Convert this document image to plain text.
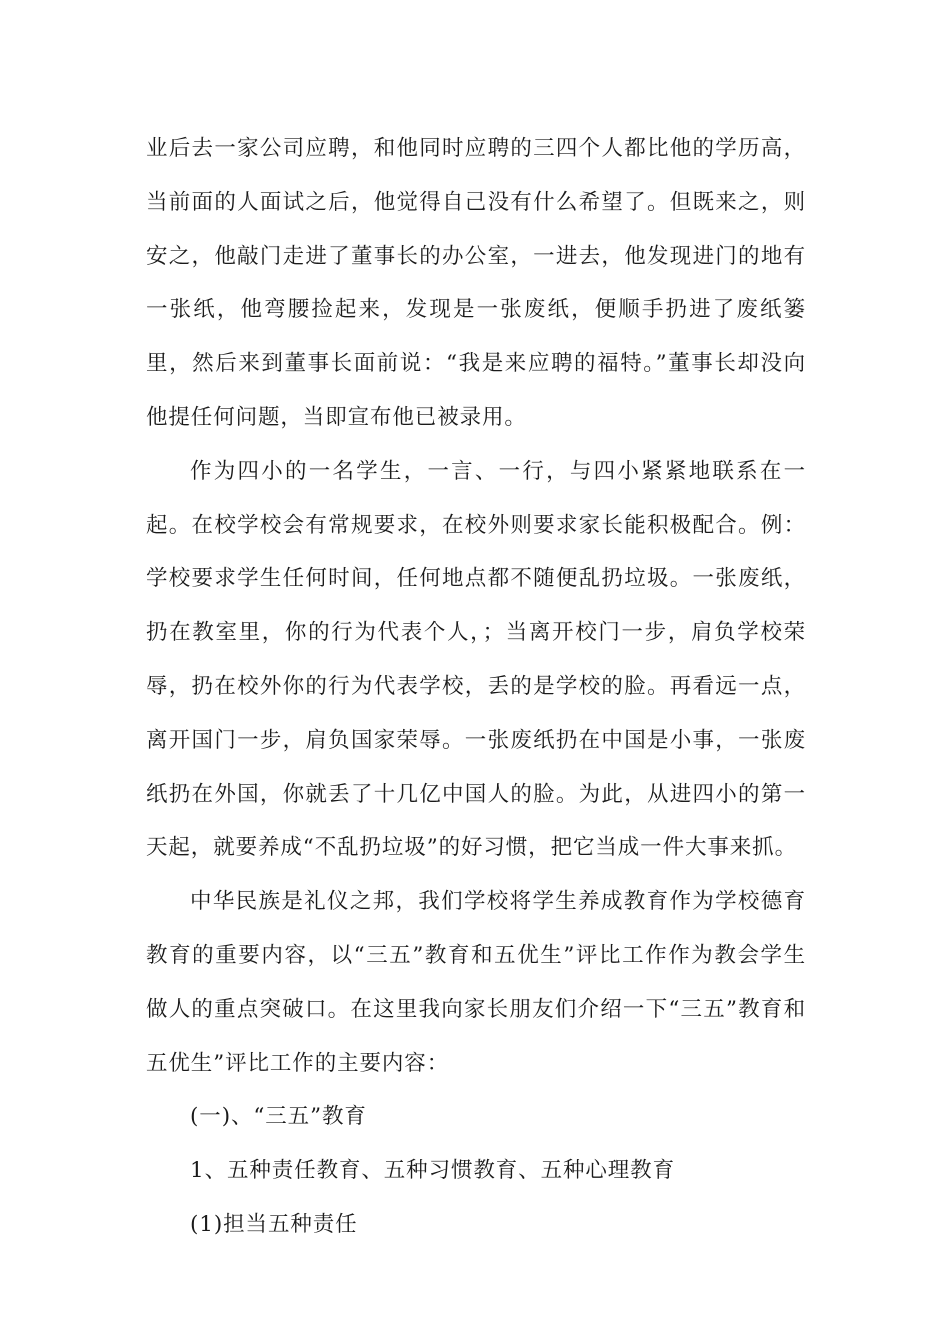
业后去一家公司应聘，和他同时应聘的三四个人都比他的学历高，当前面的人面试之后，他觉得自己没有什么希望了。但既来之，则安之，他敲门走进了董事长的办公室，一进去，他发现进门的地有一张纸，他弯腰捡起来，发现是一张废纸，便顺手扔进了废纸篓里，然后来到董事长面前说：“我是来应聘的福特。”董事长却没向他提任何问题，当即宣布他已被录用。

作为四小的一名学生，一言、一行，与四小紧紧地联系在一起。在校学校会有常规要求，在校外则要求家长能积极配合。例：学校要求学生任何时间，任何地点都不随便乱扔垃圾。一张废纸，扔在教室里，你的行为代表个人，；当离开校门一步，肩负学校荣辱，扔在校外你的行为代表学校，丢的是学校的脸。再看远一点，离开国门一步，肩负国家荣辱。一张废纸扔在中国是小事，一张废纸扔在外国，你就丢了十几亿中国人的脸。为此，从进四小的第一天起，就要养成“不乱扔垃圾”的好习惯，把它当成一件大事来抓。

中华民族是礼仪之邦，我们学校将学生养成教育作为学校德育教育的重要内容，以“三五”教育和五优生”评比工作作为教会学生做人的重点突破口。在这里我向家长朋友们介绍一下“三五”教育和五优生”评比工作的主要内容：

(一)、“三五”教育

1、五种责任教育、五种习惯教育、五种心理教育

(1)担当五种责任
